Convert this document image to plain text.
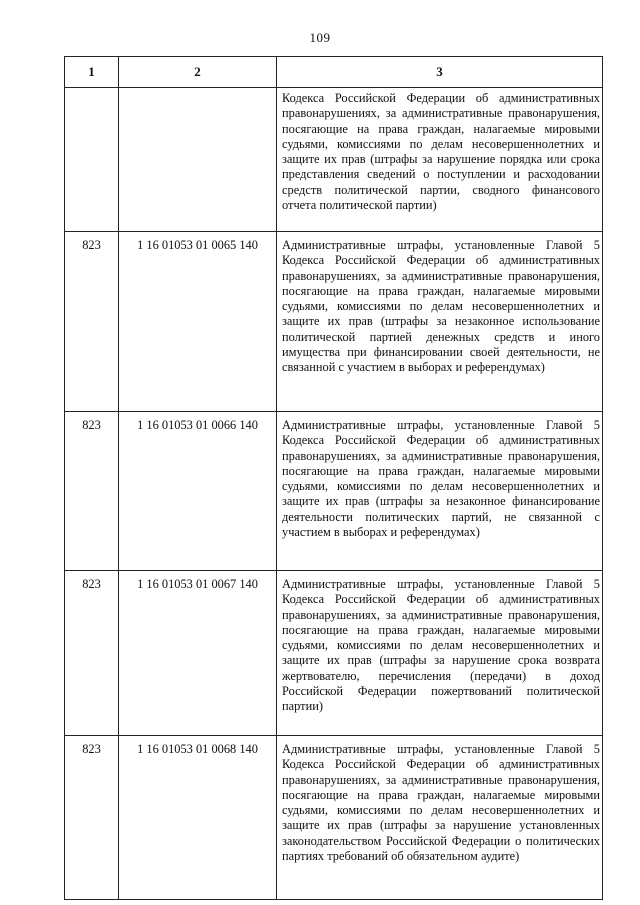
109
1	2	3
		Кодекса Российской Федерации об административных правонарушениях, за административные правонарушения, посягающие на права граждан, налагаемые мировыми судьями, комиссиями по делам несовершеннолетних и защите их прав (штрафы за нарушение порядка или срока представления сведений о поступлении и расходовании средств политической партии, сводного финансового отчета политической партии)
823	1 16 01053 01 0065 140	Административные штрафы, установленные Главой 5 Кодекса Российской Федерации об административных правонарушениях, за административные правонарушения, посягающие на права граждан, налагаемые мировыми судьями, комиссиями по делам несовершеннолетних и защите их прав (штрафы за незаконное использование политической партией денежных средств и иного имущества при финансировании своей деятельности, не связанной с участием в выборах и референдумах)
823	1 16 01053 01 0066 140	Административные штрафы, установленные Главой 5 Кодекса Российской Федерации об административных правонарушениях, за административные правонарушения, посягающие на права граждан, налагаемые мировыми судьями, комиссиями по делам несовершеннолетних и защите их прав (штрафы за незаконное финансирование деятельности политических партий, не связанной с участием в выборах и референдумах)
823	1 16 01053 01 0067 140	Административные штрафы, установленные Главой 5 Кодекса Российской Федерации об административных правонарушениях, за административные правонарушения, посягающие на права граждан, налагаемые мировыми судьями, комиссиями по делам несовершеннолетних и защите их прав (штрафы за нарушение срока возврата жертвователю, перечисления (передачи) в доход Российской Федерации пожертвований политической партии)
823	1 16 01053 01 0068 140	Административные штрафы, установленные Главой 5 Кодекса Российской Федерации об административных правонарушениях, за административные правонарушения, посягающие на права граждан, налагаемые мировыми судьями, комиссиями по делам несовершеннолетних и защите их прав (штрафы за нарушение установленных законодательством Российской Федерации о политических партиях требований об обязательном аудите)
